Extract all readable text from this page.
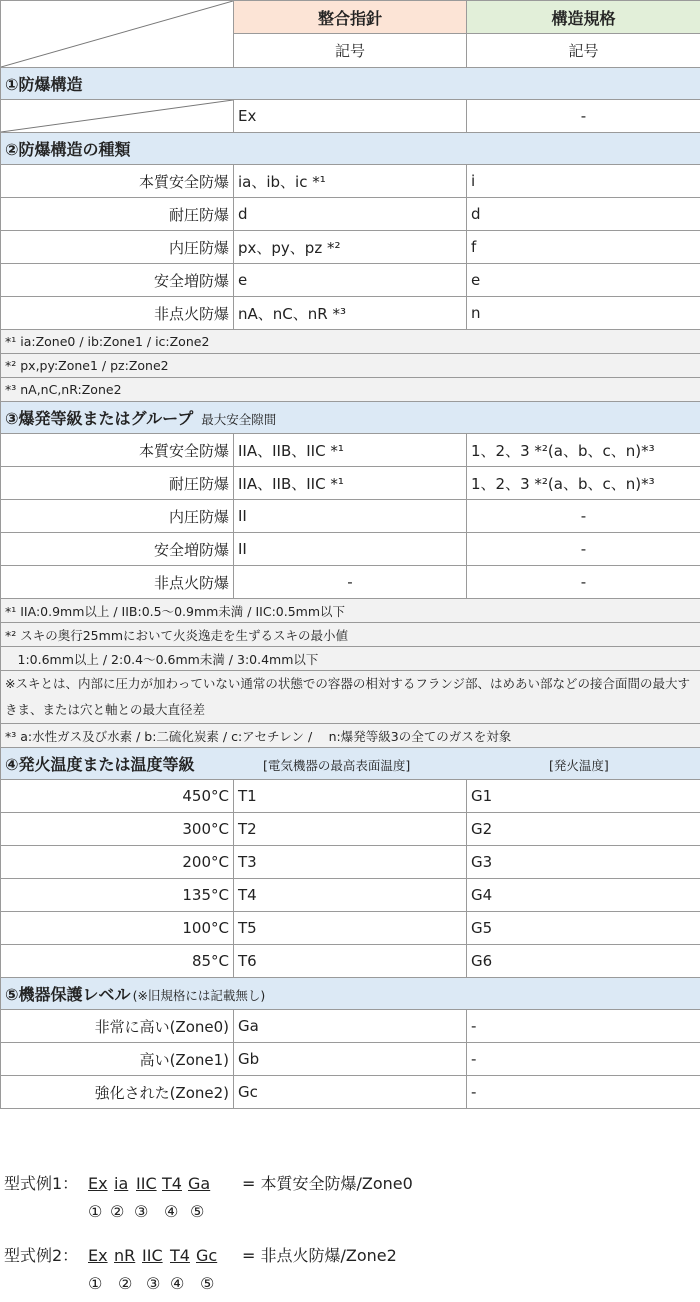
	整合指針	構造規格
	記号	記号
①防爆構造		

	Ex	-
②防爆構造の種類		
本質安全防爆	ia、ib、ic *¹	i
耐圧防爆	d	d
内圧防爆	px、py、pz *²	f
安全増防爆	e	e
非点火防爆	nA、nC、nR *³	n
*¹ ia:Zone0 / ib:Zone1 / ic:Zone2		
*² px,py:Zone1 / pz:Zone2		
*³ nA,nC,nR:Zone2		
③爆発等級またはグループ 最大安全隙間		
本質安全防爆	IIA、IIB、IIC *¹	1、2、3 *²(a、b、c、n)*³
耐圧防爆	IIA、IIB、IIC *¹	1、2、3 *²(a、b、c、n)*³
内圧防爆	II	-
安全増防爆	II	-
非点火防爆	-	-
*¹ IIA:0.9mm以上 / IIB:0.5～0.9mm未満 / IIC:0.5mm以下		
*² スキの奥行25mmにおいて火炎逸走を生ずるスキの最小値		
　1:0.6mm以上 / 2:0.4～0.6mm未満 / 3:0.4mm以下		
※スキとは、内部に圧力が加わっていない通常の状態での容器の相対するフランジ部、はめあい部などの接合面間の最大すきま、または穴と軸との最大直径差		
*³ a:水性ガス及び水素 / b:二硫化炭素 / c:アセチレン /　 n:爆発等級3の全てのガスを対象		
④発火温度または温度等級 [電気機器の最高表面温度] [発火温度]		

450°C	T1	G1
300°C	T2	G2
200°C	T3	G3
135°C	T4	G4
100°C	T5	G5
85°C	T6	G6
⑤機器保護レベル (※旧規格には記載無し)		
非常に高い(Zone0)	Ga	-
高い(Zone1)	Gb	-
強化された(Zone2)	Gc	-
型式例1： Ex ia IIC T4 Ga = 本質安全防爆/Zone0
① ② ③ ④ ⑤
型式例2： Ex nR IIC T4 Gc = 非点火防爆/Zone2
① ② ③ ④ ⑤
